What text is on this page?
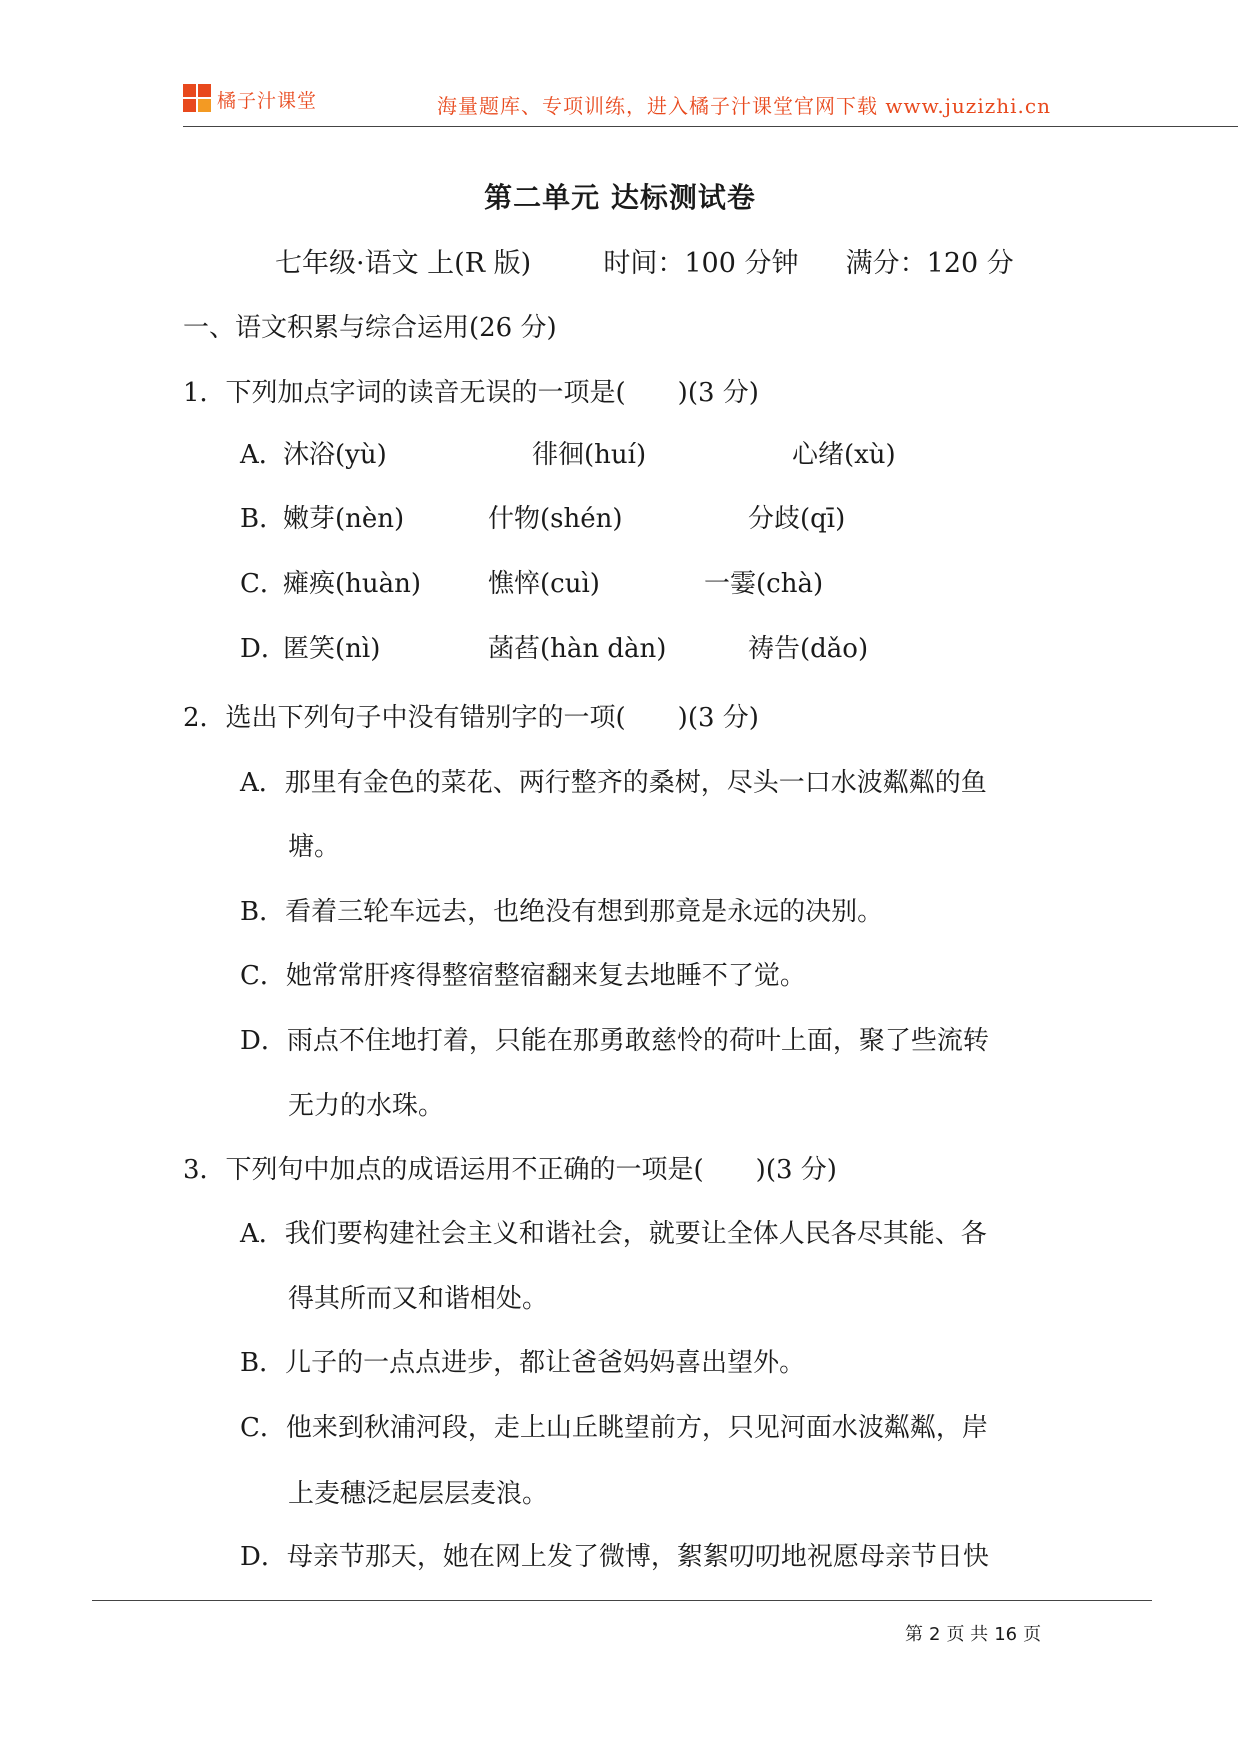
橘子汁课堂	海量题库、专项训练，进入橘子汁课堂官网下载 www.juzizhi.cn
第二单元 达标测试卷
七年级·语文 上(R 版)	时间：100 分钟 满分：120 分
一、语文积累与综合运用(26 分)
1．下列加点字词的读音无误的一项是(　　)(3 分)
A．
沐浴(yù)	徘徊(huí)	心绪(xù)
B．
嫩芽(nèn)	什物(shén)	分歧(qī)
C．
瘫痪(huàn)	憔悴(cuì)	一霎(chà)
D．
匿笑(nì)	菡萏(hàn dàn)	祷告(dǎo)
2．选出下列句子中没有错别字的一项(　　)(3 分)
A．那里有金色的菜花、两行整齐的桑树，尽头一口水波粼粼的鱼
塘。
B．看着三轮车远去，也绝没有想到那竟是永远的决别。
C．她常常肝疼得整宿整宿翻来复去地睡不了觉。
D．雨点不住地打着，只能在那勇敢慈怜的荷叶上面，聚了些流转
无力的水珠。
3．下列句中加点的成语运用不正确的一项是(　　)(3 分)
A．我们要构建社会主义和谐社会，就要让全体人民各尽其能、各
得其所而又和谐相处。
B．儿子的一点点进步，都让爸爸妈妈喜出望外。
C．他来到秋浦河段，走上山丘眺望前方，只见河面水波粼粼，岸
上麦穗泛起层层麦浪。
D．母亲节那天，她在网上发了微博，絮絮叨叨地祝愿母亲节日快
第 2 页 共 16 页
